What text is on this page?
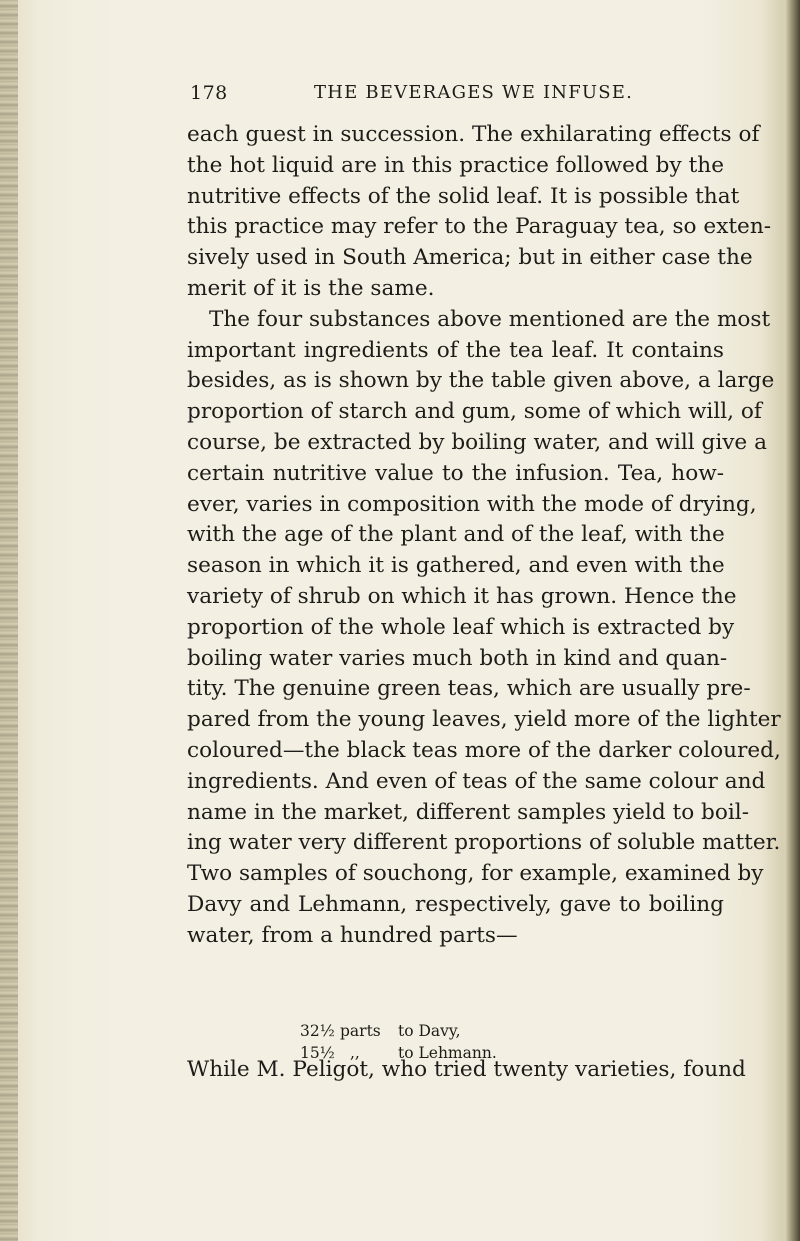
178	THE BEVERAGES WE INFUSE.
each guest in succession. The exhilarating effects of
the hot liquid are in this practice followed by the
nutritive effects of the solid leaf. It is possible that
this practice may refer to the Paraguay tea, so exten-
sively used in South America; but in either case the
merit of it is the same.
The four substances above mentioned are the most
important ingredients of the tea leaf. It contains
besides, as is shown by the table given above, a large
proportion of starch and gum, some of which will, of
course, be extracted by boiling water, and will give a
certain nutritive value to the infusion. Tea, how-
ever, varies in composition with the mode of drying,
with the age of the plant and of the leaf, with the
season in which it is gathered, and even with the
variety of shrub on which it has grown. Hence the
proportion of the whole leaf which is extracted by
boiling water varies much both in kind and quan-
tity. The genuine green teas, which are usually pre-
pared from the young leaves, yield more of the lighter
coloured—the black teas more of the darker coloured,
ingredients. And even of teas of the same colour and
name in the market, different samples yield to boil-
ing water very different proportions of soluble matter.
Two samples of souchong, for example, examined by
Davy and Lehmann, respectively, gave to boiling
water, from a hundred parts—
32½ parts	to Davy,
15½ ,,	to Lehmann.
While M. Peligot, who tried twenty varieties, found
